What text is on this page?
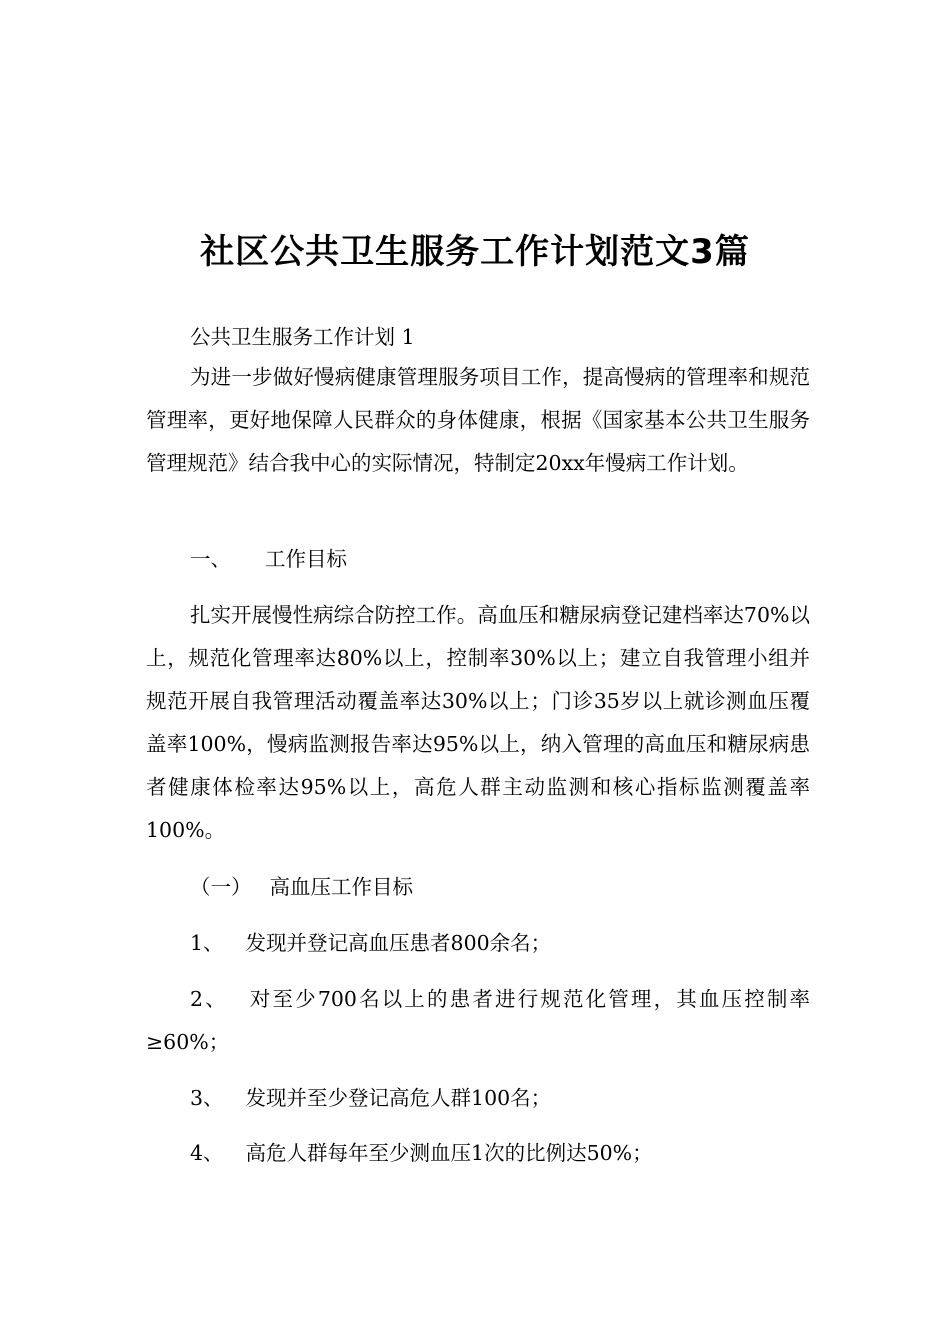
社区公共卫生服务工作计划范文3篇
公共卫生服务工作计划 1
为进一步做好慢病健康管理服务项目工作，提高慢病的管理率和规范管理率，更好地保障人民群众的身体健康，根据《国家基本公共卫生服务管理规范》结合我中心的实际情况，特制定20xx年慢病工作计划。
一、 工作目标
扎实开展慢性病综合防控工作。高血压和糖尿病登记建档率达70%以上，规范化管理率达80%以上，控制率30%以上；建立自我管理小组并规范开展自我管理活动覆盖率达30%以上；门诊35岁以上就诊测血压覆盖率100%，慢病监测报告率达95%以上，纳入管理的高血压和糖尿病患者健康体检率达95%以上，高危人群主动监测和核心指标监测覆盖率100%。
（一） 高血压工作目标
1、 发现并登记高血压患者800余名；
2、 对至少700名以上的患者进行规范化管理，其血压控制率≥60%；
3、 发现并至少登记高危人群100名；
4、 高危人群每年至少测血压1次的比例达50%；
